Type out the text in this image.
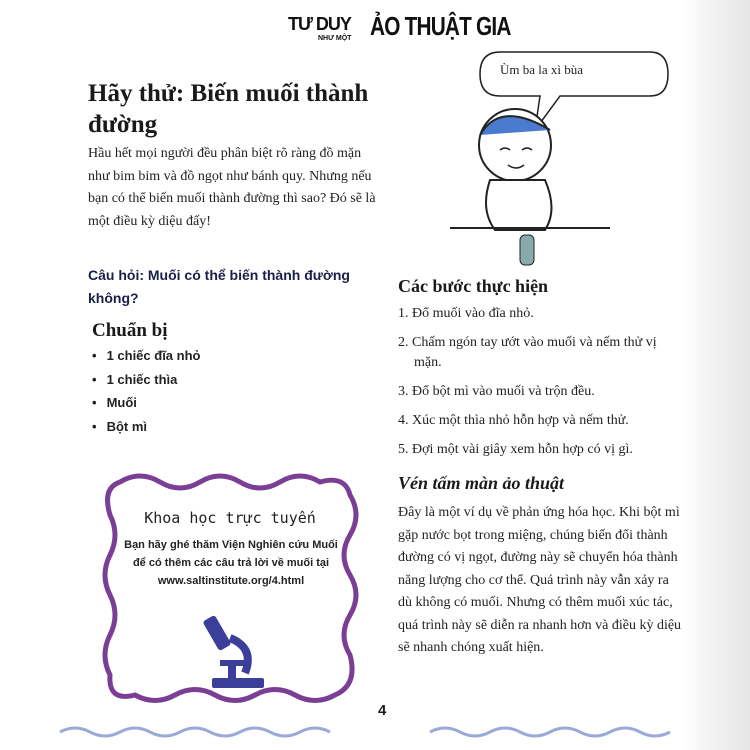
TƯ DUY
NHƯ MỘT ẢO THUẬT GIA
Hãy thử: Biến muối thành đường
Hầu hết mọi người đều phân biệt rõ ràng đồ mặn như bim bim và đồ ngọt như bánh quy. Nhưng nếu bạn có thể biến muối thành đường thì sao? Đó sẽ là một điều kỳ diệu đấy!
Câu hỏi: Muối có thể biến thành đường không?
Chuẩn bị
• 1 chiếc đĩa nhỏ
• 1 chiếc thìa
• Muối
• Bột mì
Khoa học trực tuyến
Bạn hãy ghé thăm Viện Nghiên cứu Muối để có thêm các câu trả lời về muối tại www.saltinstitute.org/4.html
Ùm ba la xì bùa
Các bước thực hiện
1. Đổ muối vào đĩa nhỏ.
2. Chấm ngón tay ướt vào muối và nếm thử vị mặn.
3. Đổ bột mì vào muối và trộn đều.
4. Xúc một thìa nhỏ hỗn hợp và nếm thử.
5. Đợi một vài giây xem hỗn hợp có vị gì.
Vén tấm màn ảo thuật
Đây là một ví dụ về phản ứng hóa học. Khi bột mì gặp nước bọt trong miệng, chúng biến đổi thành đường có vị ngọt, đường này sẽ chuyển hóa thành năng lượng cho cơ thể. Quá trình này vẫn xảy ra dù không có muối. Nhưng có thêm muối xúc tác, quá trình này sẽ diễn ra nhanh hơn và điều kỳ diệu sẽ nhanh chóng xuất hiện.
4
